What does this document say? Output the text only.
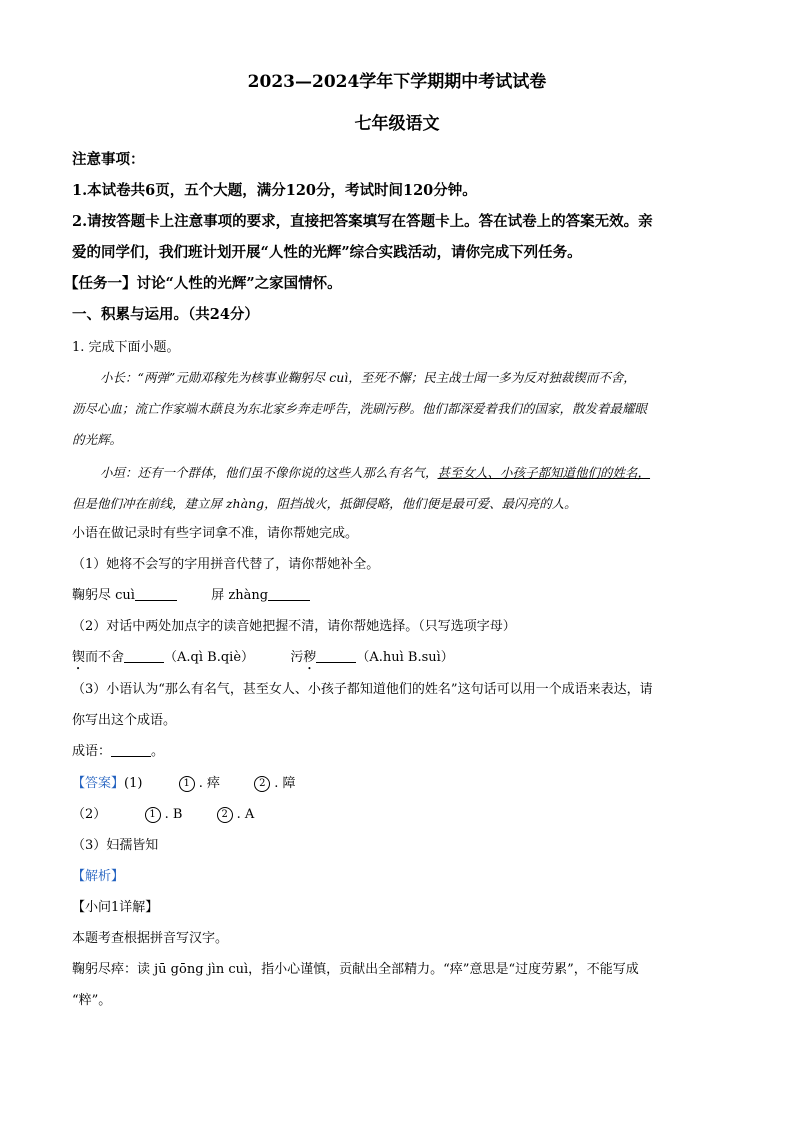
2023—2024学年下学期期中考试试卷
七年级语文
注意事项：
1.本试卷共6页，五个大题，满分120分，考试时间120分钟。
2.请按答题卡上注意事项的要求，直接把答案填写在答题卡上。答在试卷上的答案无效。亲
爱的同学们，我们班计划开展“人性的光辉”综合实践活动，请你完成下列任务。
【任务一】讨论“人性的光辉”之家国情怀。
一、积累与运用。（共24分）
1. 完成下面小题。
小长：“两弹”元勋邓稼先为核事业鞠躬尽 cuì，至死不懈；民主战士闻一多为反对独裁锲而不舍，
沥尽心血；流亡作家端木蕻良为东北家乡奔走呼告，洗刷污秽。他们都深爱着我们的国家，散发着最耀眼
的光辉。
小垣：还有一个群体，他们虽不像你说的这些人那么有名气，甚至女人、小孩子都知道他们的姓名，
但是他们冲在前线，建立屏 zhàng，阻挡战火，抵御侵略，他们便是最可爱、最闪亮的人。
小语在做记录时有些字词拿不准，请你帮她完成。
（1）她将不会写的字用拼音代替了，请你帮她补全。
鞠躬尽 cuì	屏 zhàng
（2）对话中两处加点字的读音她把握不清，请你帮她选择。（只写选项字母）
锲而不舍	（A.qì B.qiè）	污秽	（A.huì B.suì）
（3）小语认为“那么有名气，甚至女人、小孩子都知道他们的姓名”这句话可以用一个成语来表达，请
你写出这个成语。
成语：	。
【答案】(1)	1 . 瘁	2 . 障
（2）	1 . B	2 . A
（3）妇孺皆知
【解析】
【小问1详解】
本题考查根据拼音写汉字。
鞠躬尽瘁：读 jū gōng jìn cuì，指小心谨慎，贡献出全部精力。“瘁”意思是“过度劳累”，不能写成
“粹”。
